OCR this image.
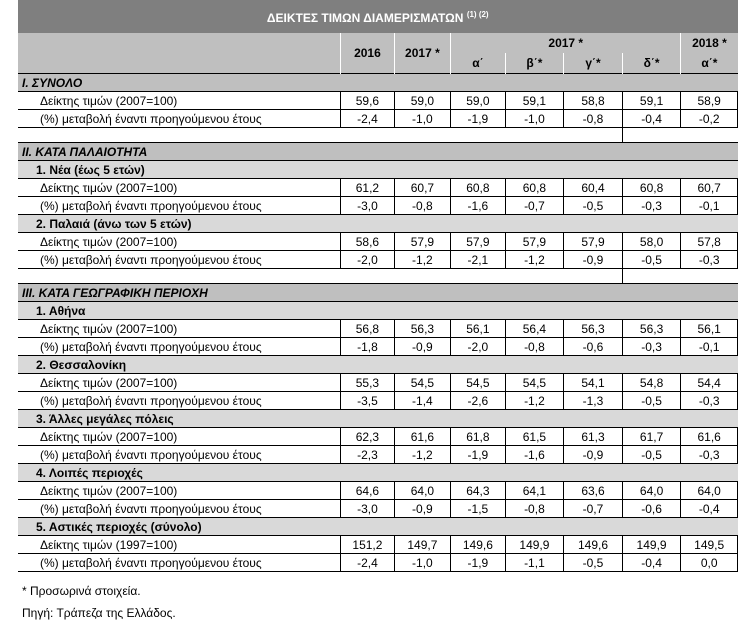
ΔΕΙΚΤΕΣ ΤΙΜΩΝ ΔΙΑΜΕΡΙΣΜΑΤΩΝ $^{(1) (2)}$
	2016	2017 *	2017 *				2018 *
			α΄	β΄*	γ΄*	δ΄*	α΄*
Ι. ΣΥΝΟΛΟ							
Δείκτης τιμών (2007=100)	59,6	59,0	59,0	59,1	58,8	59,1	58,9
(%) μεταβολή έναντι προηγούμενου έτους	-2,4	-1,0	-1,9	-1,0	-0,8	-0,4	-0,2

ΙΙ. ΚΑΤΑ ΠΑΛΑΙΟΤΗΤΑ							
1. Νέα (έως 5 ετών)							
Δείκτης τιμών (2007=100)	61,2	60,7	60,8	60,8	60,4	60,8	60,7
(%) μεταβολή έναντι προηγούμενου έτους	-3,0	-0,8	-1,6	-0,7	-0,5	-0,3	-0,1
2. Παλαιά (άνω των 5 ετών)							
Δείκτης τιμών (2007=100)	58,6	57,9	57,9	57,9	57,9	58,0	57,8
(%) μεταβολή έναντι προηγούμενου έτους	-2,0	-1,2	-2,1	-1,2	-0,9	-0,5	-0,3

ΙΙΙ. ΚΑΤΑ ΓΕΩΓΡΑΦΙΚΗ ΠΕΡΙΟΧΗ							
1. Αθήνα							
Δείκτης τιμών (2007=100)	56,8	56,3	56,1	56,4	56,3	56,3	56,1
(%) μεταβολή έναντι προηγούμενου έτους	-1,8	-0,9	-2,0	-0,8	-0,6	-0,3	-0,1
2. Θεσσαλονίκη							
Δείκτης τιμών (2007=100)	55,3	54,5	54,5	54,5	54,1	54,8	54,4
(%) μεταβολή έναντι προηγούμενου έτους	-3,5	-1,4	-2,6	-1,2	-1,3	-0,5	-0,3
3. Άλλες μεγάλες πόλεις							
Δείκτης τιμών (2007=100)	62,3	61,6	61,8	61,5	61,3	61,7	61,6
(%) μεταβολή έναντι προηγούμενου έτους	-2,3	-1,2	-1,9	-1,6	-0,9	-0,5	-0,3
4. Λοιπές περιοχές							
Δείκτης τιμών (2007=100)	64,6	64,0	64,3	64,1	63,6	64,0	64,0
(%) μεταβολή έναντι προηγούμενου έτους	-3,0	-0,9	-1,5	-0,8	-0,7	-0,6	-0,4
5. Αστικές περιοχές (σύνολο)							
Δείκτης τιμών (1997=100)	151,2	149,7	149,6	149,9	149,6	149,9	149,5
(%) μεταβολή έναντι προηγούμενου έτους	-2,4	-1,0	-1,9	-1,1	-0,5	-0,4	0,0
* Προσωρινά στοιχεία.
Πηγή: Τράπεζα της Ελλάδος.
